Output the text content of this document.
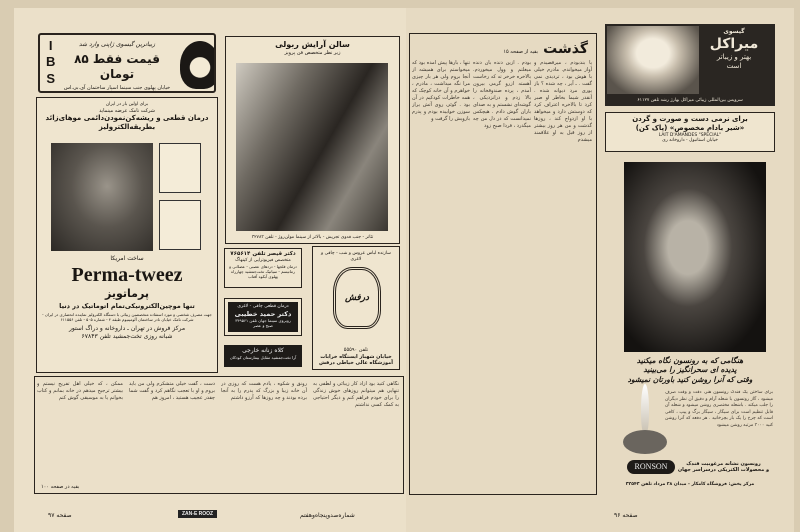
I
B
S
زیباترین گیسوی ژاپنی وارد شد
قیمت فقط ۸۵ تومان
خیابان پهلوی جنب سینما اسپار ساختمان آی.بی.اس
سالن آرایش ربولی
زیر نظر متخصص فن پرویز
تئاتر - جنب فدوی تجریش - بالاتر از سینما مولن‌روژ - تلفن ۳۲۷۸۳
برای اولین بار در ایران
شرکت نامک عرضه مینماید
درمان قطعی و ریشه‌کن‌نمودن‌دائمی موهای‌زائد
بطریقه‌الکترولیز
ساخت امریکا
Perma-tweez
پرماتویز
تنها موچین‌الکترونیکی‌تمام اتوماتیک در دنیا
جهت مصرف شخصی و مورد استفاده متخصصین زیبائی با دستگاه الکترولیز نماینده انحصاری در ایران - شرکت نامک خیابان نادر ساختمان آلومینیوم طبقه ۴ - شماره ۵۰۵ - تلفن ۶۱۱۵۵۶
مرکز فروش در تهران ـ داروخانه و دراگ استور
شبانه روزی تخت‌جمشید تلفن ۶۷۸۴۳
دکتر قیصر تلفن ۷۶۵۶۱۴
متخصص فیزیوتراپی از کپنهاگ
درمان فلجها - دردهای عصبی - عضلانی و رماتیسم - سیاتیک تخت‌جمشید چهارراه پهلوی آبکوه آفتاب
درمان قطعی چاقی - لاغری
دکتر حمید خطیبی
روبروی سینما جهان تلفن ۳۴۹۵۶۱
صبح و عصر
کلاه زنانه خارجی
آرا تخت‌جمشید مقابل بیمارستان کودکان
سازنده لباس عروس و شب - چاقی و لاغری
درفش
تلفن ۵۵۵۹۰
خیابان شهباز ایستگاه خرابات
آموزشگاه عالی خیاطی درفش
نگاهی کنید بود ازاد کار زیبائی و لطفی به تنهایی هم میتوانم روزهای خوش زندگی را برای خودم فراهم کنم و دیگر احتیاجی به کمک کسی نداشتم
رونق و شکوه ، یادم هست که روزی در آن خانه زیبا و بزرگ که پدرم را به آنجا برده بودند و چه روزها که آرزو داشتم
دست ، گفت خیلی متشکرم ولی من باید بروم و او با تعجب نگاهم کرد و گفت شما چقدر عجیب هستید ، امروز هم
ممکن ، که خیلی اهل تفریح نیستم و بیشتر ترجیح میدهم در خانه بمانم و کتاب بخوانم یا به موسیقی گوش کنم
بقیه در صفحه ۱۰۰
صفحه ۹۷	ZAN-E ROOZ	شماره‌صدوپنجاه‌وهفتم
گذشت بقیه از صفحه ۱۵
پا بندبودم ، میرقصیدم و آواز میخواندم. مادرم خیلی با هوش بود ، تردیدی نمی گفت . ـ آیر ، چه شده ؟ باز پوری مرد دیوانه شده . آنقدر شیما بخاطر او صبر کرد تا بالاخره اعتراف کرد که دوستش دارد و میخواهد با او ازدواج کند ، روزها گذشت و من هر روز بیشتر از روز قبل به او علاقمند میشدم
بودم . ازین دنده بان دنده میغلتم و وول میخوردم. بالاخره خرخر ته که رخاست آهسته ازرو گرمی بیرون آمدم ، پرده صندوقخانه را بالا زدم و درانزدیکی ، گوشه‌ای نشستم و به صدای باران گوش دادم . هیچکس نمیدانست که در دل من چه میگذرد ، فردا صبح زود
تنها ، بارها پیش آمده بود که میخواستم برای همیشه از آنجا بروم ولی هر بار چیزی مرا نگه میداشت ، مادرم ، خواهرم و آن خانه کوچک که همه خاطرات کودکیم در آن بود . گوئی روی آتش یراز سوزن خوابیده بودم و پدرم بازویش را گرفت و
گیسوی
میراکل
بهتر و زیباتر
است
سرویس بین‌المللی زیبائی میراکل بهارژ رشد تلفن ۶۱۱۲۷
برای نرمی دست و صورت و گردن
«شیر بادام مخصوص» (پاک کن)
LAIT D'AMANDES "SPECIAL"
خیابان استانبول - داروخانه ری
هنگامی که به رونسون نگاه میکنید
پدیده ای سحرانگیز را می‌بینید
وقتی که آنرا روشن کنید باورتان نمیشود
برای ساختن یک فندک رونسون هنر، دقت و وقت صرف میشود ، گاز رونسون با شعله آرام و دقیق آن نظر دیگران را جلب میکند . باشعله مختصری روشن میشود و شعله آن قابل تنظیم است برای سیگار ، سیگار برگ و پیپ ، کافی است که چرخ را یک بار بچرخانید . هر دفعه که آنرا روشن کنید ۳۰۰۰ مرتبه روشن میشود
RONSON	رونسون نشانه مرغوبیت فندک
و محصولات الکتریکی درسراسر جهان
مرکز پخش: فروشگاه کامکار - میدان ۲۸ مرداد تلفن ۳۲۵۴۳
صفحه ۹۶
